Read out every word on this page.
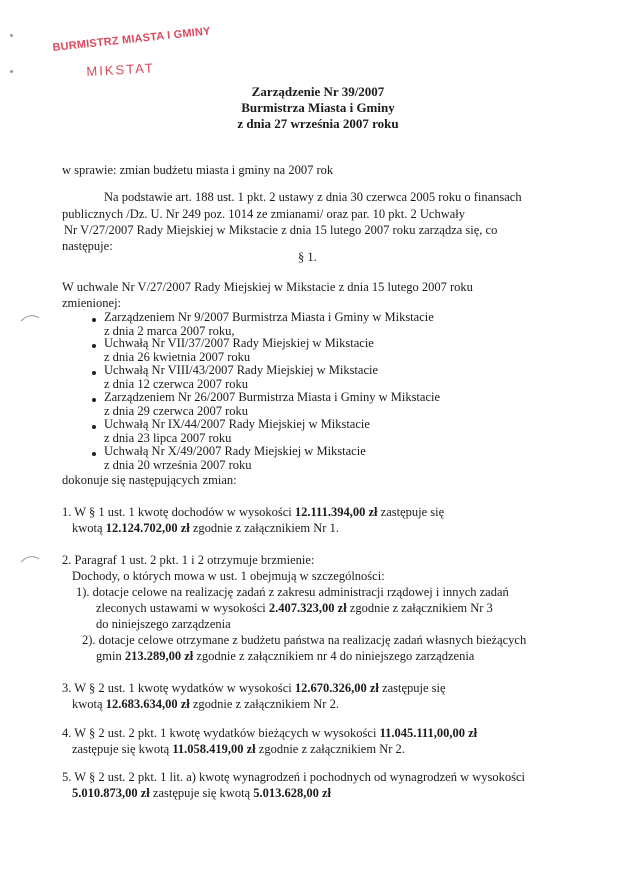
BURMISTRZ MIASTA I GMINY
MIKSTAT
Zarządzenie Nr 39/2007
Burmistrza Miasta i Gminy
z dnia 27 września 2007 roku
w sprawie: zmian budżetu miasta i gminy na 2007 rok
Na podstawie art. 188 ust. 1 pkt. 2 ustawy z dnia 30 czerwca 2005 roku o finansach
publicznych /Dz. U. Nr 249 poz. 1014 ze zmianami/ oraz par. 10 pkt. 2 Uchwały
Nr V/27/2007 Rady Miejskiej w Mikstacie z dnia 15 lutego 2007 roku zarządza się, co
następuje:
§ 1.
W uchwale Nr V/27/2007 Rady Miejskiej w Mikstacie z dnia 15 lutego 2007 roku
zmienionej:
Zarządzeniem Nr 9/2007 Burmistrza Miasta i Gminy w Mikstacie
z dnia 2 marca 2007 roku,
Uchwałą Nr VII/37/2007 Rady Miejskiej w Mikstacie
z dnia 26 kwietnia 2007 roku
Uchwałą Nr VIII/43/2007 Rady Miejskiej w Mikstacie
z dnia 12 czerwca 2007 roku
Zarządzeniem Nr 26/2007 Burmistrza Miasta i Gminy w Mikstacie
z dnia 29 czerwca 2007 roku
Uchwałą Nr IX/44/2007 Rady Miejskiej w Mikstacie
z dnia 23 lipca 2007 roku
Uchwałą Nr X/49/2007 Rady Miejskiej w Mikstacie
z dnia 20 września 2007 roku
dokonuje się następujących zmian:
1. W § 1 ust. 1 kwotę dochodów w wysokości 12.111.394,00 zł zastępuje się
kwotą 12.124.702,00 zł zgodnie z załącznikiem Nr 1.
2. Paragraf 1 ust. 2 pkt. 1 i 2 otrzymuje brzmienie:
Dochody, o których mowa w ust. 1 obejmują w szczególności:
1). dotacje celowe na realizację zadań z zakresu administracji rządowej i innych zadań
zleconych ustawami w wysokości 2.407.323,00 zł zgodnie z załącznikiem Nr 3
do niniejszego zarządzenia
2). dotacje celowe otrzymane z budżetu państwa na realizację zadań własnych bieżących
gmin 213.289,00 zł zgodnie z załącznikiem nr 4 do niniejszego zarządzenia
3. W § 2 ust. 1 kwotę wydatków w wysokości 12.670.326,00 zł zastępuje się
kwotą 12.683.634,00 zł zgodnie z załącznikiem Nr 2.
4. W § 2 ust. 2 pkt. 1 kwotę wydatków bieżących w wysokości 11.045.111,00,00 zł
zastępuje się kwotą 11.058.419,00 zł zgodnie z załącznikiem Nr 2.
5. W § 2 ust. 2 pkt. 1 lit. a) kwotę wynagrodzeń i pochodnych od wynagrodzeń w wysokości
5.010.873,00 zł zastępuje się kwotą 5.013.628,00 zł
